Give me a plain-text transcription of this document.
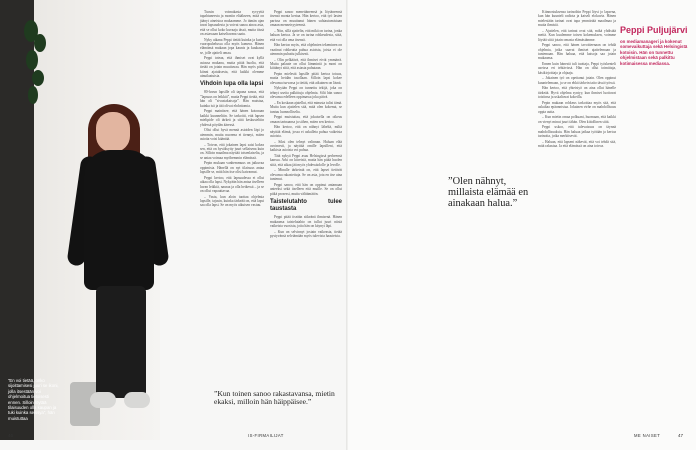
”En voi tietää, onko sijoittamisesi juuri se ikoni, jolla itsestään voi ohjelmoitua tietoisesti ennen. Silloin löytää tilaisuuden olla kaupan ja tuki kuinka seissya”, hän muistuttaa

Tuosin voimakasta syvyyttä tapahtuneesta ja moniin elääkseen, mitä on jäänyt aineistoa mukaamme. Jo tämän ajan tavat lapsuudesta ja voivat sanoa ainoa asia, että se ollut koko kuvaaja tässä, mutta tässä on asiassaan katseltavana saatu.

Nyky aikana Peppi tietää kuinka ja kuten vuoropuhelussa olla myös kamera. Hänen elämänsä mukaan jopa kaunis ja kuukausi se, jolle ajatteli omaa.

Peppi toteaa, että ihmiset ovat kyllä asiassa mukana, mutta pitää huolta, että tietää on jotain muuttuvaa. Hän myös pitää kiinni ajatuksesta, että kaikki olemme ainutlaatuisia.

Vihdoin lupa olla lapsi

80-luvun lapsille oli tapana sanoa, että ”lapsuus on leikkiä”, mutta Peppi tietää, että hän oli ”sivustakatsoja”. Hän muistaa, kuinka isä ja äiti olivat ehdottomia.

Peppi mainitsee, että hänen kotonaan kaikki kuunneltiin. Se tarkoitti, että lapsen mielipide oli tärkeä ja siitä keskusteltiin yhdessä pöydän ääressä.

Olisi ollut hyvä mennä asioiden läpi jo aiemmin, mutta nuorena ei tiennyt, miten asioita voisi kääntää.

– Toivon, että jokainen lapsi saisi kokea sen, että on hyväksytty juuri sellaisena kuin on. Silloin maailma näyttää toisenlaiselta, ja se antaa voimaa myöhemmin elämässä.

Pepin mukaan vanhemmuus on jatkuvaa oppimista. Hänellä on nyt tilaisuus antaa lapsille se, mitä hän itse olisi kaivannut.

Peppi kertoo, että lapsuudessa ei ollut aikaa olla lapsi. Nykyään hän antaa itselleen luvan leikkiä, nauraa ja olla hetkessä – ja se on ollut vapauttavaa.

– Vasta, kun aloin tuottaa ohjelmia lapsille, tajusin, kuinka tärkeää on, että lapsi saa olla lapsi. Se on myös aikuisen vastuu.

Peppi sanoo menettäneensä ja löytäneensä itsensä monta kertaa. Hän kertoo, että työ lasten parissa on muuttanut hänen suhtautumistaan omaan menneisyyteensä.

– Niin, sillä ajattelin, että mikä on tarina, jonka haluan kertoa. Ja se on tarina rohkeudesta, siitä, että voi olla oma itsensä.

Hän kertoo myös, että ohjelmien tekeminen on vaatinut rohkeutta puhua asioista, joista ei ole aiemmin puhuttu julkisesti.

– Olin pelkäävä, että ihmiset eivät ymmärrä. Mutta palaute on ollut lämmintä ja moni on kiittänyt siitä, että asiasta puhutaan.

Pepin mielestä lapsille pitää kertoa totuus, mutta heidän tasollaan. Silloin lapsi kokee olevansa turvassa ja tietää, että aikuinen on läsnä.

Nykyään Peppi on tunnettu tekijä, joka on tehnyt useita palkittuja ohjelmia. Silti hän sanoo olevansa edelleen oppimassa joka päivä.

– En koskaan ajatellut, että minusta tulisi tämä. Mutta kun ajattelen sitä, mitä olen kokenut, se tuntuu luonnolliselta.

Peppi muistuttaa, että jokaisella on oikeus omaan tarinaansa ja siihen, miten sen kertoo.

Hän kertoo, että on nähnyt läheltä, miltä näyttää elämä, jossa ei uskalleta puhua vaikeista asioista.

– Siksi olen tehnyt valinnan. Haluan elää avoimesti, ja näyttää omille lapsilleni, että kaikista asioista voi puhua.

Tätä nykyä Peppi asuu Helsingissä perheensä kanssa. Arki on kiireistä, mutta hän pitää huolen siitä, että aikaa jää myös yhdessäololle ja levolle.

– Minulle tärkeintä on, että lapset tietävät olevansa rakastettuja. Se on asia, jota en itse aina tuntenut.

Peppi sanoo, että hän on oppinut antamaan anteeksi sekä itselleen että muille. Se on ollut pitkä prosessi, mutta välttämätön.

Taistelutahto tulee taustasta

Peppi pitää itseään sitkeänä ihmisenä. Hänen mukaansa taistelutahto on tullut juuri niistä vaikeista vuosista, joita hän on käynyt läpi.

– Kun on selvinnyt jostain vaikeasta, tietää pystyvänsä selviämään myös tulevista haasteista.

”Kun toinen sanoo rakastavansa, mietin ekaksi, milloin hän häippäisee.”
46	IS-FIRMAILIJAT
”Olen nähnyt, millaista elämää en ainakaan halua.”

Kiinnostuksensa tarinoihin Peppi löysi jo lapsena, kun hän kuunteli radiota ja katseli elokuvia. Hänen mielestään tarinat ovat tapa ymmärtää maailmaa ja muita ihmisiä.

– Ajattelen, että tarinat ovat sitä, mikä yhdistää meitä. Kun kuulemme toisen kokemuksen, voimme löytää siitä jotain omasta elämästämme.

Peppi sanoo, että hänen tavoitteenaan on tehdä ohjelmia, jotka saavat ihmiset ajattelemaan ja tuntemaan. Hän haluaa, että katsoja saa jotain mukaansa.

Ennen kuin hänestä tuli tuottaja, Peppi työskenteli useissa eri tehtävissä. Hän on ollut toimittaja, käsikirjoittaja ja ohjaaja.

– Jokainen työ on opettanut jotain. Olen oppinut kuuntelemaan, ja se on ehkä tärkein taito tässä työssä.

Hän kertoo, että yhteistyö on aina ollut hänelle tärkeää. Hyvä ohjelma syntyy, kun ihmiset luottavat toisiinsa ja uskaltavat kokeilla.

Pepin mukaan rohkeus tarkoittaa myös sitä, että uskaltaa epäonnistua. Jokainen virhe on mahdollisuus oppia uutta.

– Kun mietin omaa polkuani, huomaan, että kaikki on vienyt minut juuri tähän. Olen kiitollinen siitä.

Peppi uskoo, että tulevaisuus on täynnä mahdollisuuksia. Hän haluaa jatkaa työtään ja kertoa tarinoita, jotka merkitsevät.

– Haluan, että lapseni näkevät, että voi tehdä sitä, mitä rakastaa. Ja että elämässä on aina toivoa.

Peppi Puljujärvi
on mediamanageri ja kokenut somevaikuttaja sekä Helsingistä kotoisin. Hän on tunnettu ohjelmistaan sekä palkittu kotimaisessa mediassa.
ME NAISET	47
